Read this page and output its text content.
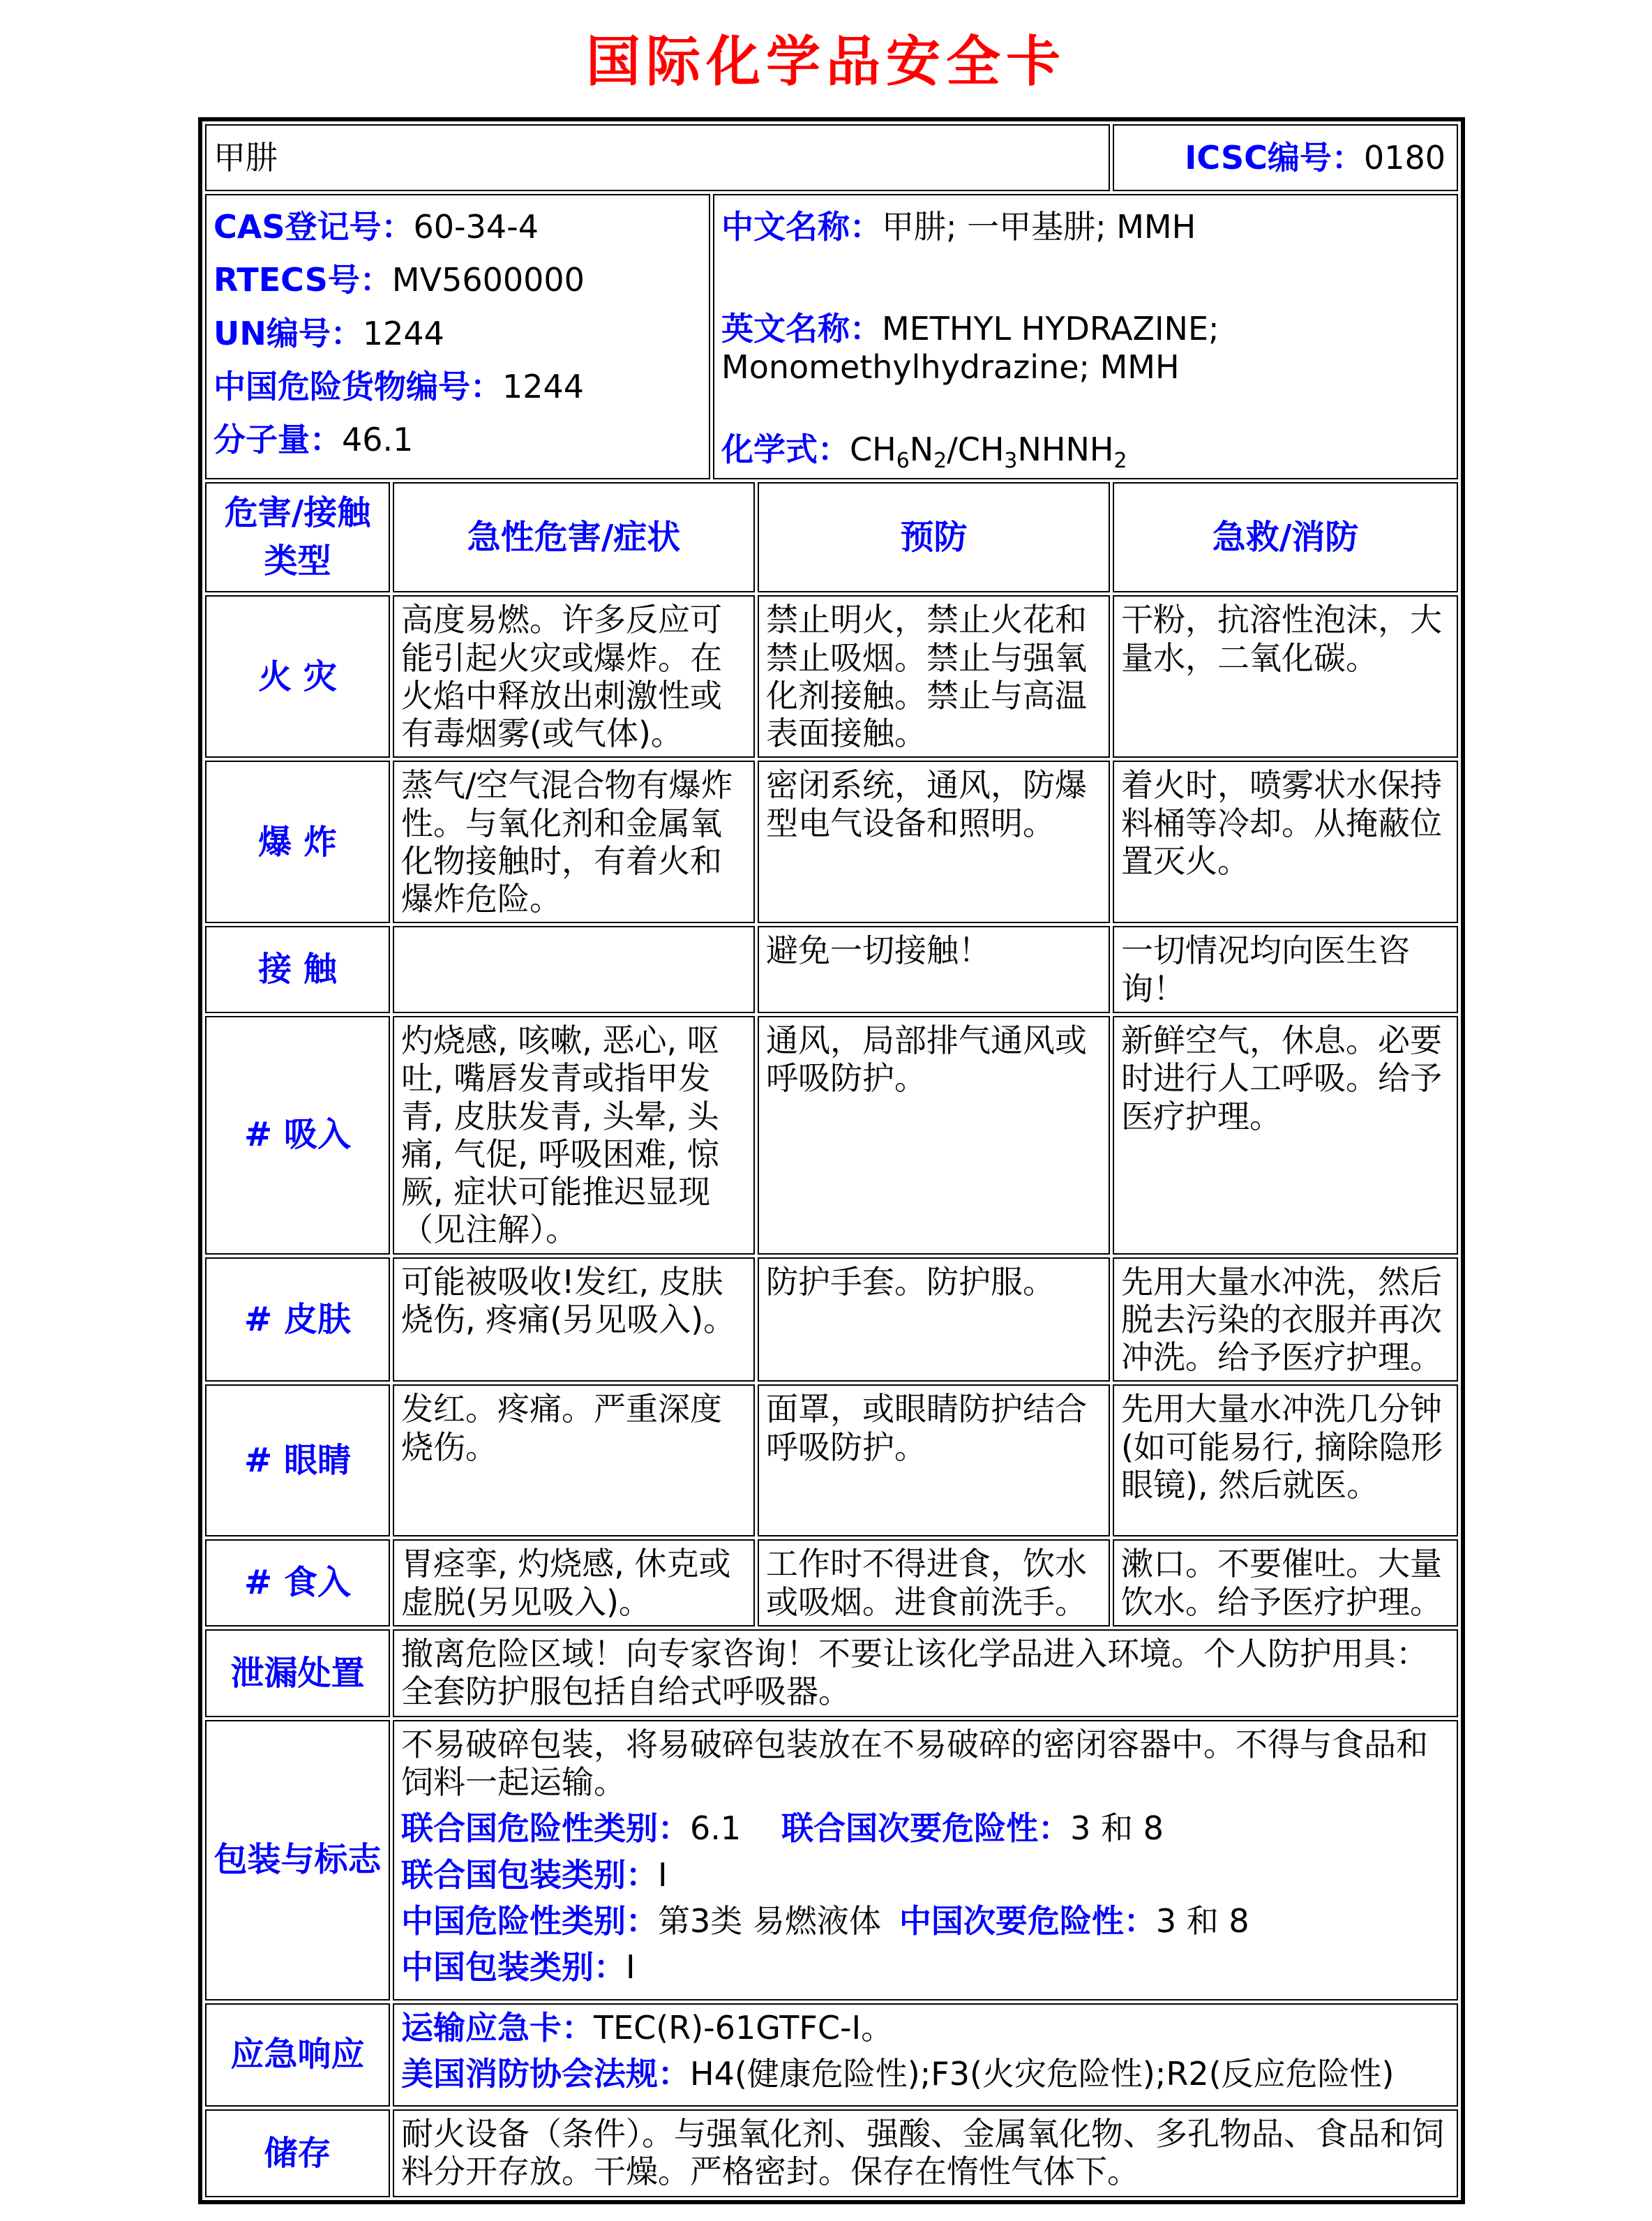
国际化学品安全卡
甲肼				ICSC编号：0180

CAS登记号：60-34-4
RTECS号：MV5600000
UN编号：1244
中国危险货物编号：1244
分子量：46.1

中文名称：甲肼; 一甲基肼; MMH
英文名称：METHYL HYDRAZINE; Monomethylhydrazine; MMH
化学式：$CH_6N_2/CH_3NHNH_2$

危害/接触
类型	急性危害/症状		预防	急救/消防
火 灾	高度易燃。许多反应可能引起火灾或爆炸。在火焰中释放出刺激性或有毒烟雾(或气体)。		禁止明火，禁止火花和禁止吸烟。禁止与强氧化剂接触。禁止与高温表面接触。	干粉，抗溶性泡沫，大量水，二氧化碳。
爆 炸	蒸气/空气混合物有爆炸性。与氧化剂和金属氧化物接触时，有着火和爆炸危险。		密闭系统，通风，防爆型电气设备和照明。	着火时，喷雾状水保持料桶等冷却。从掩蔽位置灭火。
接 触			避免一切接触！	一切情况均向医生咨询！
# 吸入	灼烧感, 咳嗽, 恶心, 呕吐, 嘴唇发青或指甲发青, 皮肤发青, 头晕, 头痛, 气促, 呼吸困难, 惊厥, 症状可能推迟显现（见注解）。		通风，局部排气通风或呼吸防护。	新鲜空气，休息。必要时进行人工呼吸。给予医疗护理。
# 皮肤	可能被吸收!发红, 皮肤烧伤, 疼痛(另见吸入)。		防护手套。防护服。	先用大量水冲洗，然后脱去污染的衣服并再次冲洗。给予医疗护理。
# 眼睛	发红。疼痛。严重深度烧伤。		面罩，或眼睛防护结合呼吸防护。	先用大量水冲洗几分钟(如可能易行, 摘除隐形眼镜), 然后就医。
# 食入	胃痉挛, 灼烧感, 休克或虚脱(另见吸入)。		工作时不得进食，饮水或吸烟。进食前洗手。	漱口。不要催吐。大量饮水。给予医疗护理。
泄漏处置	撤离危险区域！向专家咨询！不要让该化学品进入环境。个人防护用具：全套防护服包括自给式呼吸器。			
包装与标志	不易破碎包装，将易破碎包装放在不易破碎的密闭容器中。不得与食品和饲料一起运输。
联合国危险性类别：6.1 联合国次要危险性：3 和 8
联合国包装类别：I
中国危险性类别：第3类 易燃液体 中国次要危险性：3 和 8
中国包装类别：I			

应急响应	运输应急卡：TEC(R)-61GTFC-I。
美国消防协会法规：H4(健康危险性);F3(火灾危险性);R2(反应危险性)			

储存	耐火设备（条件）。与强氧化剂、强酸、金属氧化物、多孔物品、食品和饲料分开存放。干燥。严格密封。保存在惰性气体下。			
